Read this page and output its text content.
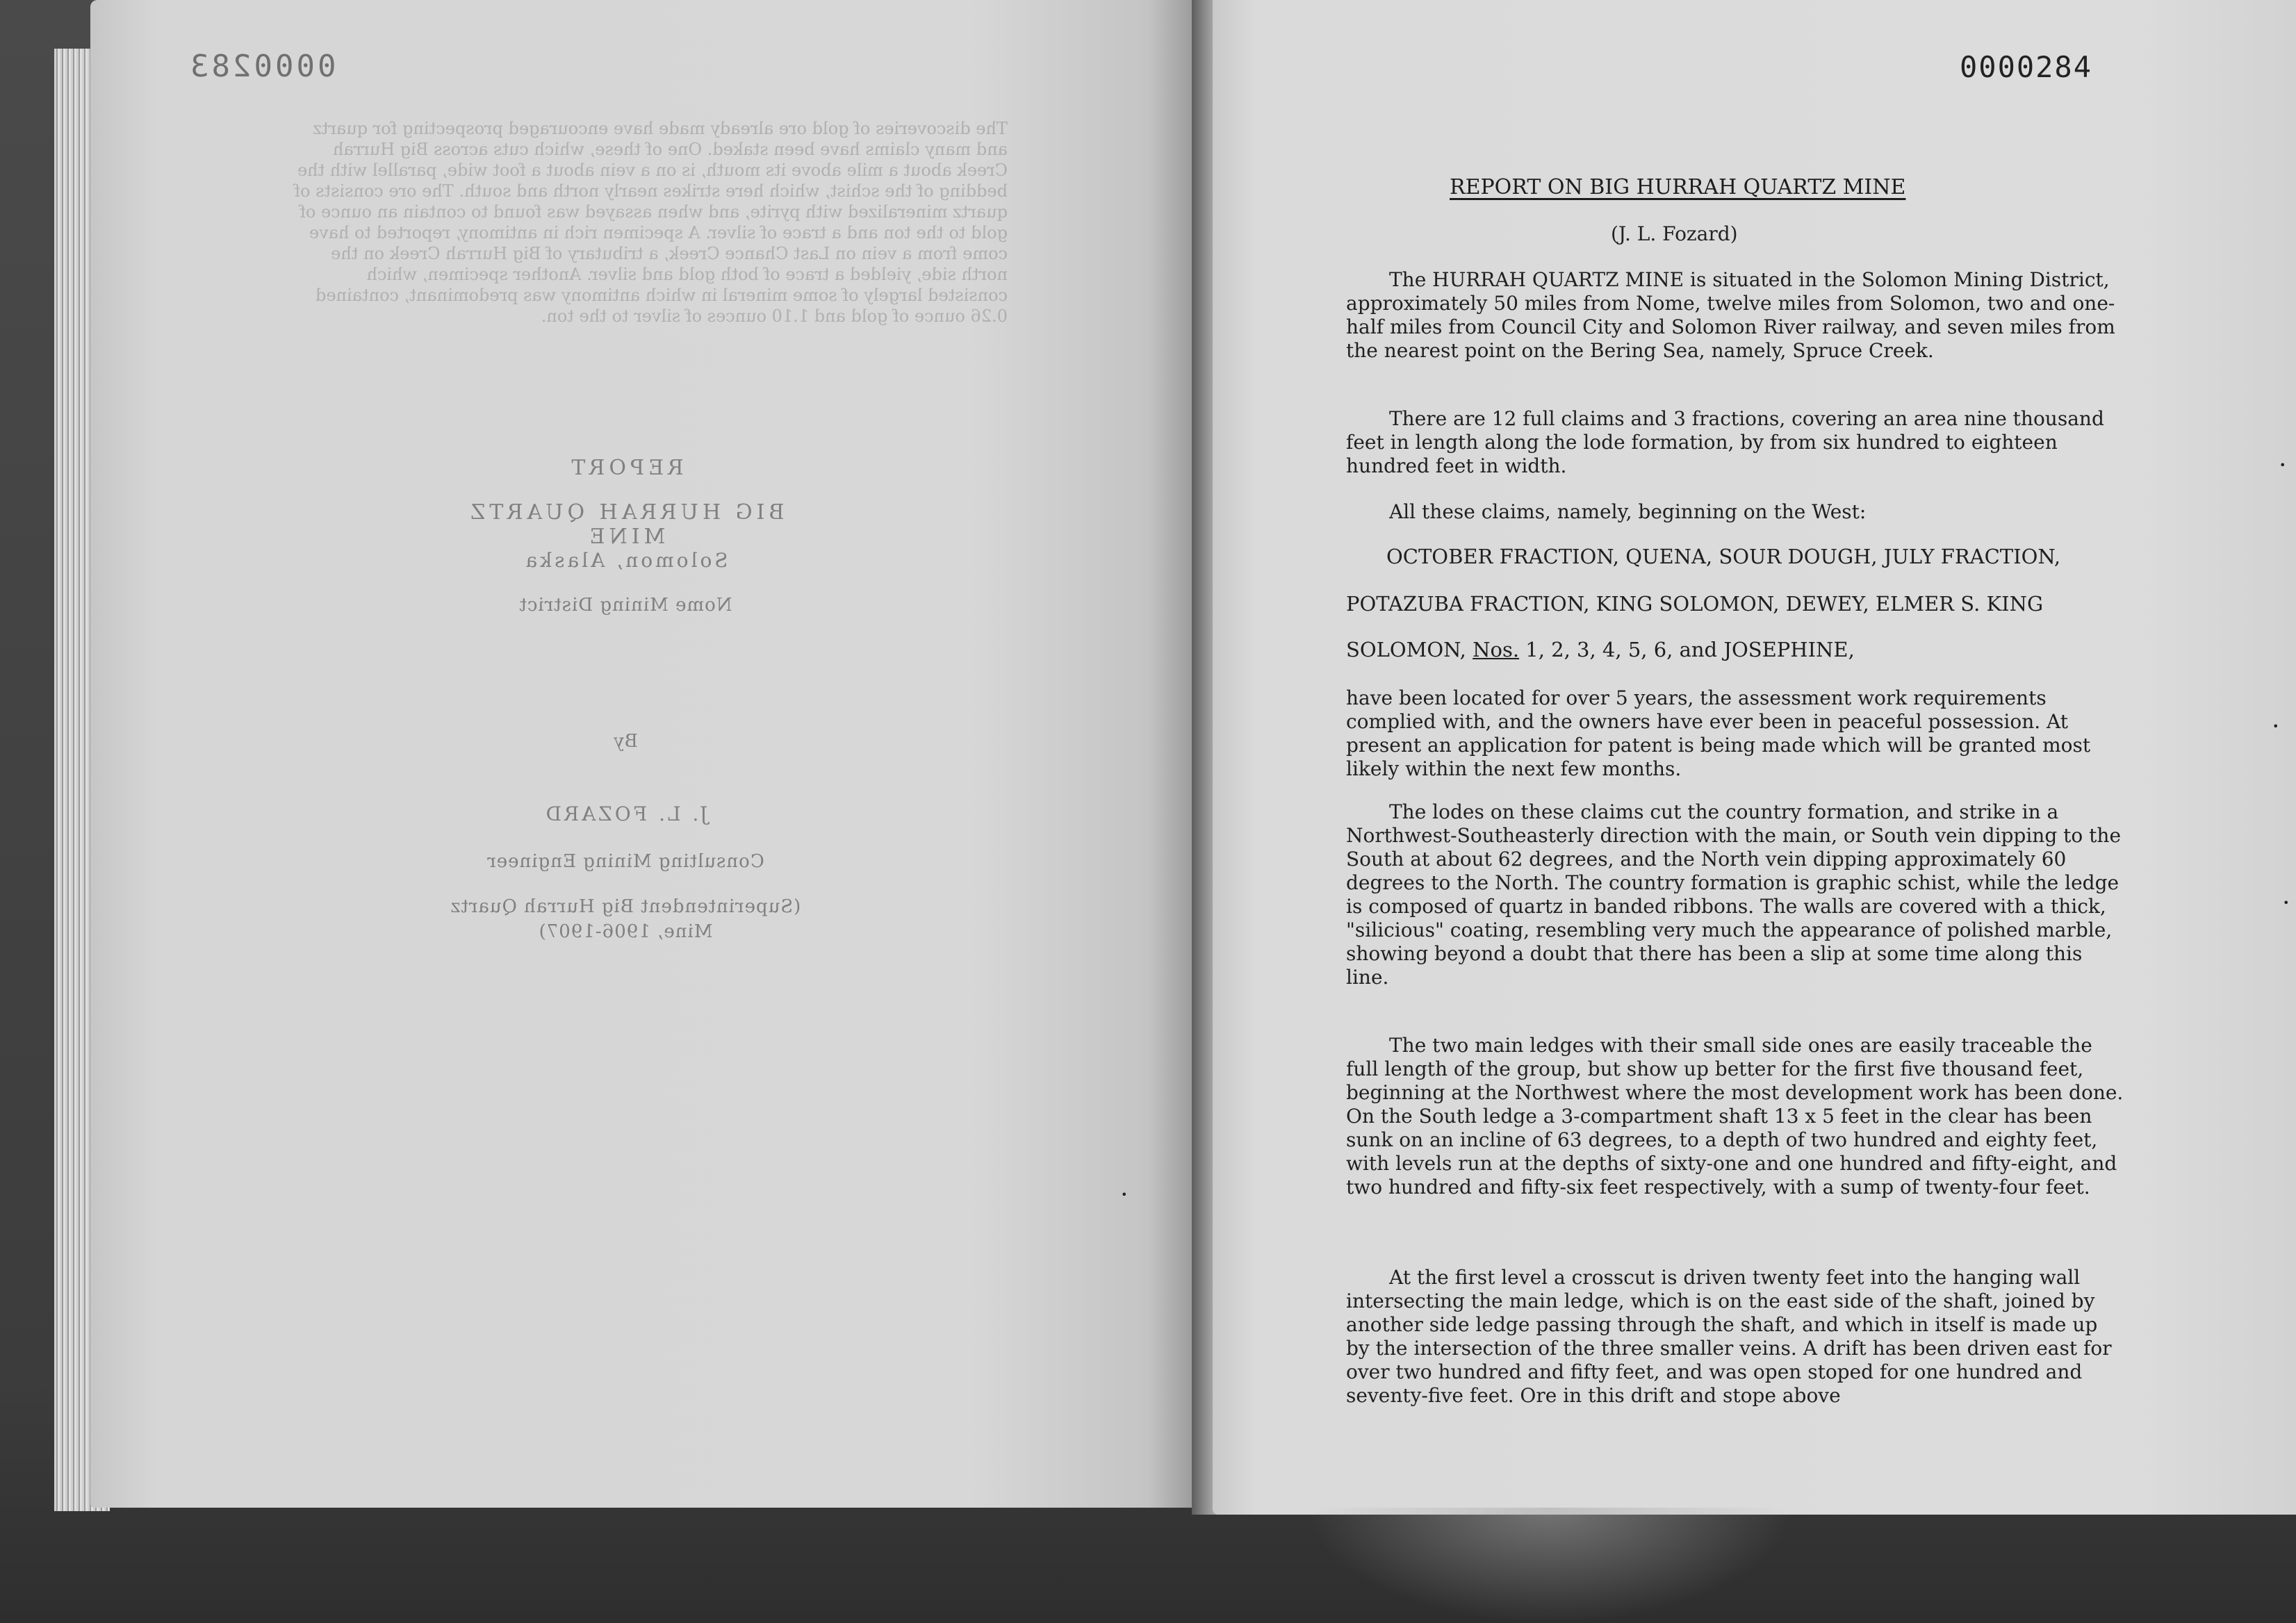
0000283
The discoveries of gold ore already made have encouraged prospecting for quartz and many claims have been staked. One of these, which cuts across Big Hurrah Creek about a mile above its mouth, is on a vein about a foot wide, parallel with the bedding of the schist, which here strikes nearly north and south. The ore consists of quartz mineralized with pyrite, and when assayed was found to contain an ounce of gold to the ton and a trace of silver. A specimen rich in antimony, reported to have come from a vein on Last Chance Creek, a tributary of Big Hurrah Creek on the north side, yielded a trace of both gold and silver. Another specimen, which consisted largely of some mineral in which antimony was predominant, contained 0.26 ounce of gold and 1.10 ounces of silver to the ton.
REPORT
BIG HURRAH QUARTZ MINE
Solomon, Alaska
Nome Mining District
By
J. L. FOZARD
Consulting Mining Engineer
(Superintendent Big Hurrah Quartz
Mine, 1906-1907)
0000284
REPORT ON BIG HURRAH QUARTZ MINE
(J. L. Fozard)

The HURRAH QUARTZ MINE is situated in the Solomon Mining District, approximately 50 miles from Nome, twelve miles from Solomon, two and one-half miles from Council City and Solomon River railway, and seven miles from the nearest point on the Bering Sea, namely, Spruce Creek.

There are 12 full claims and 3 fractions, covering an area nine thousand feet in length along the lode formation, by from six hundred to eighteen hundred feet in width.

All these claims, namely, beginning on the West:

OCTOBER FRACTION, QUENA, SOUR DOUGH, JULY FRACTION,
POTAZUBA FRACTION, KING SOLOMON, DEWEY, ELMER S. KING
SOLOMON, Nos. 1, 2, 3, 4, 5, 6, and JOSEPHINE,

have been located for over 5 years, the assessment work requirements complied with, and the owners have ever been in peaceful possession. At present an application for patent is being made which will be granted most likely within the next few months.

The lodes on these claims cut the country formation, and strike in a Northwest-Southeasterly direction with the main, or South vein dipping to the South at about 62 degrees, and the North vein dipping approximately 60 degrees to the North. The country formation is graphic schist, while the ledge is composed of quartz in banded ribbons. The walls are covered with a thick, "silicious" coating, resembling very much the appearance of polished marble, showing beyond a doubt that there has been a slip at some time along this line.

The two main ledges with their small side ones are easily traceable the full length of the group, but show up better for the first five thousand feet, beginning at the Northwest where the most development work has been done. On the South ledge a 3-compartment shaft 13 x 5 feet in the clear has been sunk on an incline of 63 degrees, to a depth of two hundred and eighty feet, with levels run at the depths of sixty-one and one hundred and fifty-eight, and two hundred and fifty-six feet respectively, with a sump of twenty-four feet.

At the first level a crosscut is driven twenty feet into the hanging wall intersecting the main ledge, which is on the east side of the shaft, joined by another side ledge passing through the shaft, and which in itself is made up by the intersection of the three smaller veins. A drift has been driven east for over two hundred and fifty feet, and was open stoped for one hundred and seventy-five feet. Ore in this drift and stope above

•
•
•
•
